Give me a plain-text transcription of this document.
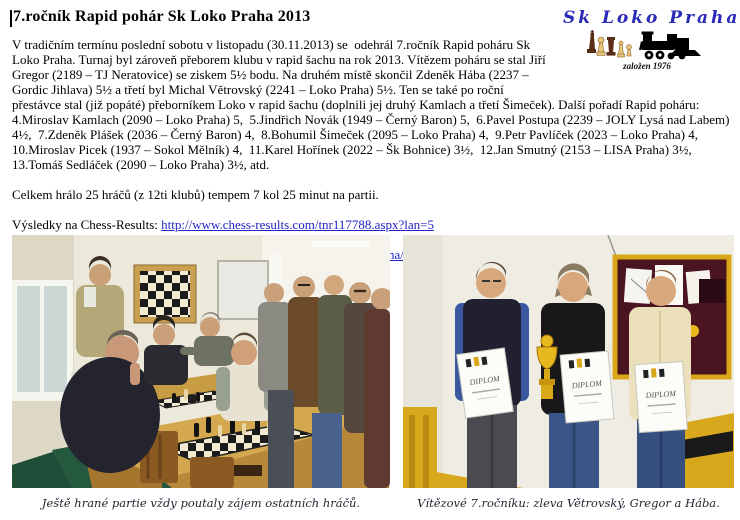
Sk Loko Praha
založen 1976
7.ročník Rapid pohár Sk Loko Praha 2013
V tradičním termínu poslední sobotu v listopadu (30.11.2013) se  odehrál 7.ročník Rapid poháru Sk Loko Praha. Turnaj byl zároveň přeborem klubu v rapid šachu na rok 2013. Vítězem poháru se stal Jiří Gregor (2189 – TJ Neratovice) se ziskem 5½ bodu. Na druhém místě skončil Zdeněk Hába (2237 – Gordic Jihlava) 5½ a třetí byl Michal Větrovský (2241 – Loko Praha) 5½. Ten se také po roční přestávce stal (již popáté) přeborníkem Loko v rapid šachu (doplnili jej druhý Kamlach a třetí Šimeček). Další pořadí Rapid poháru: 4.Miroslav Kamlach (2090 – Loko Praha) 5,  5.Jindřich Novák (1949 – Černý Baron) 5,  6.Pavel Postupa (2239 – JOLY Lysá nad Labem) 4½,  7.Zdeněk Plášek (2036 – Černý Baron) 4,  8.Bohumil Šimeček (2095 – Loko Praha) 4,  9.Petr Pavlíček (2023 – Loko Praha) 4,  10.Miroslav Picek (1937 – Sokol Mělník) 4,  11.Karel Hořínek (2022 – Šk Bohnice) 3½,  12.Jan Smutný (2153 – LISA Praha) 3½,  13.Tomáš Sedláček (2090 – Loko Praha) 3½, atd.

Celkem hrálo 25 hráčů (z 12ti klubů) tempem 7 kol 25 minut na partii.

Výsledky na Chess-Results: http://www.chess-results.com/tnr117788.aspx?lan=5

DIPLOM	DIPLOM
DIPLOM
Ještě hrané partie vždy poutaly zájem ostatních hráčů.	Vítězové 7.ročníku: zleva Větrovský, Gregor a Hába.
